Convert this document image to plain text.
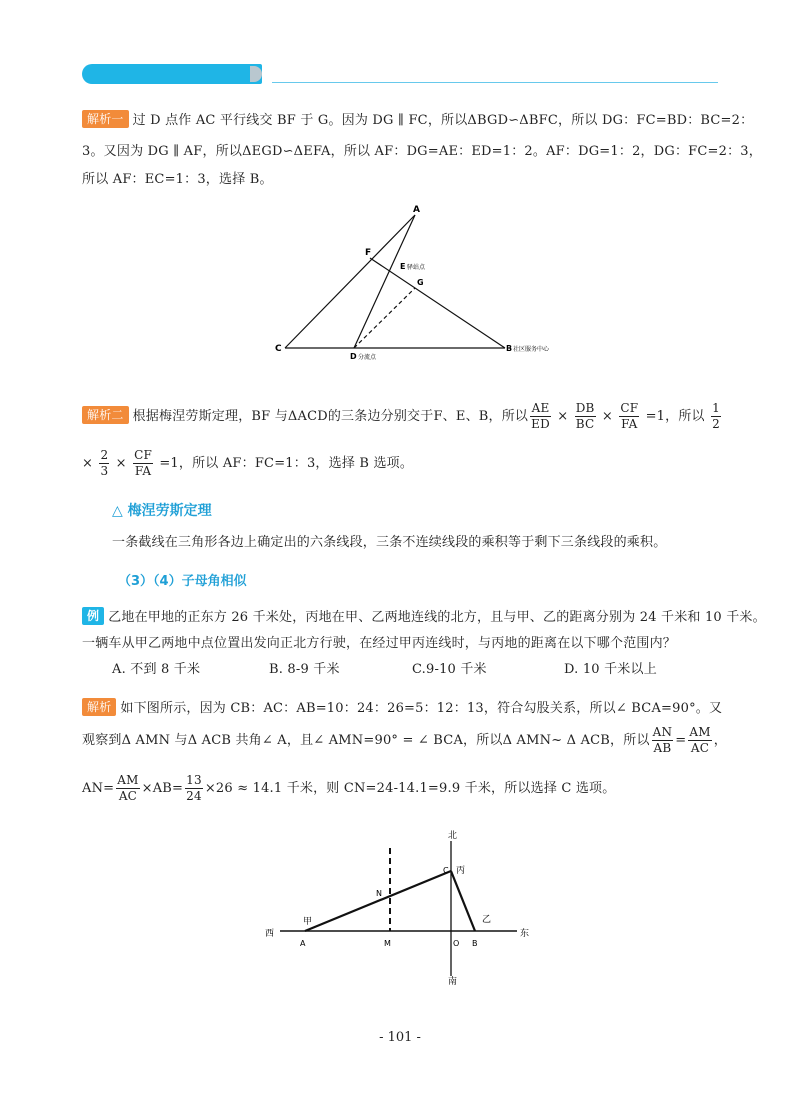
解析一 过 D 点作 AC 平行线交 BF 于 G。因为 DG ∥ FC，所以ΔBGD∽ΔBFC，所以 DG：FC=BD：BC=2：
3。又因为 DG ∥ AF，所以ΔEGD∽ΔEFA，所以 AF：DG=AE：ED=1：2。AF：DG=1：2，DG：FC=2：3，
所以 AF：EC=1：3，选择 B。
A
F
E 驿站点
G
C
D 分流点
B 社区服务中心
解析二 根据梅涅劳斯定理，BF 与ΔACD的三条边分别交于F、E、B，所以 $\frac{AE}{ED} \times \frac{DB}{BC} \times \frac{CF}{FA} =1$，所以 $\frac{1}{2}$
× $\frac{2}{3} \times \frac{CF}{FA} =1$，所以 AF：FC=1：3，选择 B 选项。
△ 梅涅劳斯定理
一条截线在三角形各边上确定出的六条线段，三条不连续线段的乘积等于剩下三条线段的乘积。
（3）（4）子母角相似
例 乙地在甲地的正东方 26 千米处，丙地在甲、乙两地连线的北方，且与甲、乙的距离分别为 24 千米和 10 千米。
一辆车从甲乙两地中点位置出发向正北方行驶，在经过甲丙连线时，与丙地的距离在以下哪个范围内？
A. 不到 8 千米	B. 8-9 千米	C.9-10 千米	D. 10 千米以上
解析 如下图所示，因为 CB：AC：AB=10：24：26=5：12：13，符合勾股关系，所以∠ BCA=90°。又
观察到Δ AMN 与Δ ACB 共角∠ A，且∠ AMN=90° = ∠ BCA，所以Δ AMN~ Δ ACB，所以 $\frac{AN}{AB} = \frac{AM}{AC}$ ，
$AN= \frac{AM}{AC} \times AB= \frac{13}{24} \times 26 \approx 14.1$ 千米，则 CN=24-14.1=9.9 千米，所以选择 C 选项。
北
南
西	东
甲	乙
丙
A	M	O B
C
N
- 101 -
